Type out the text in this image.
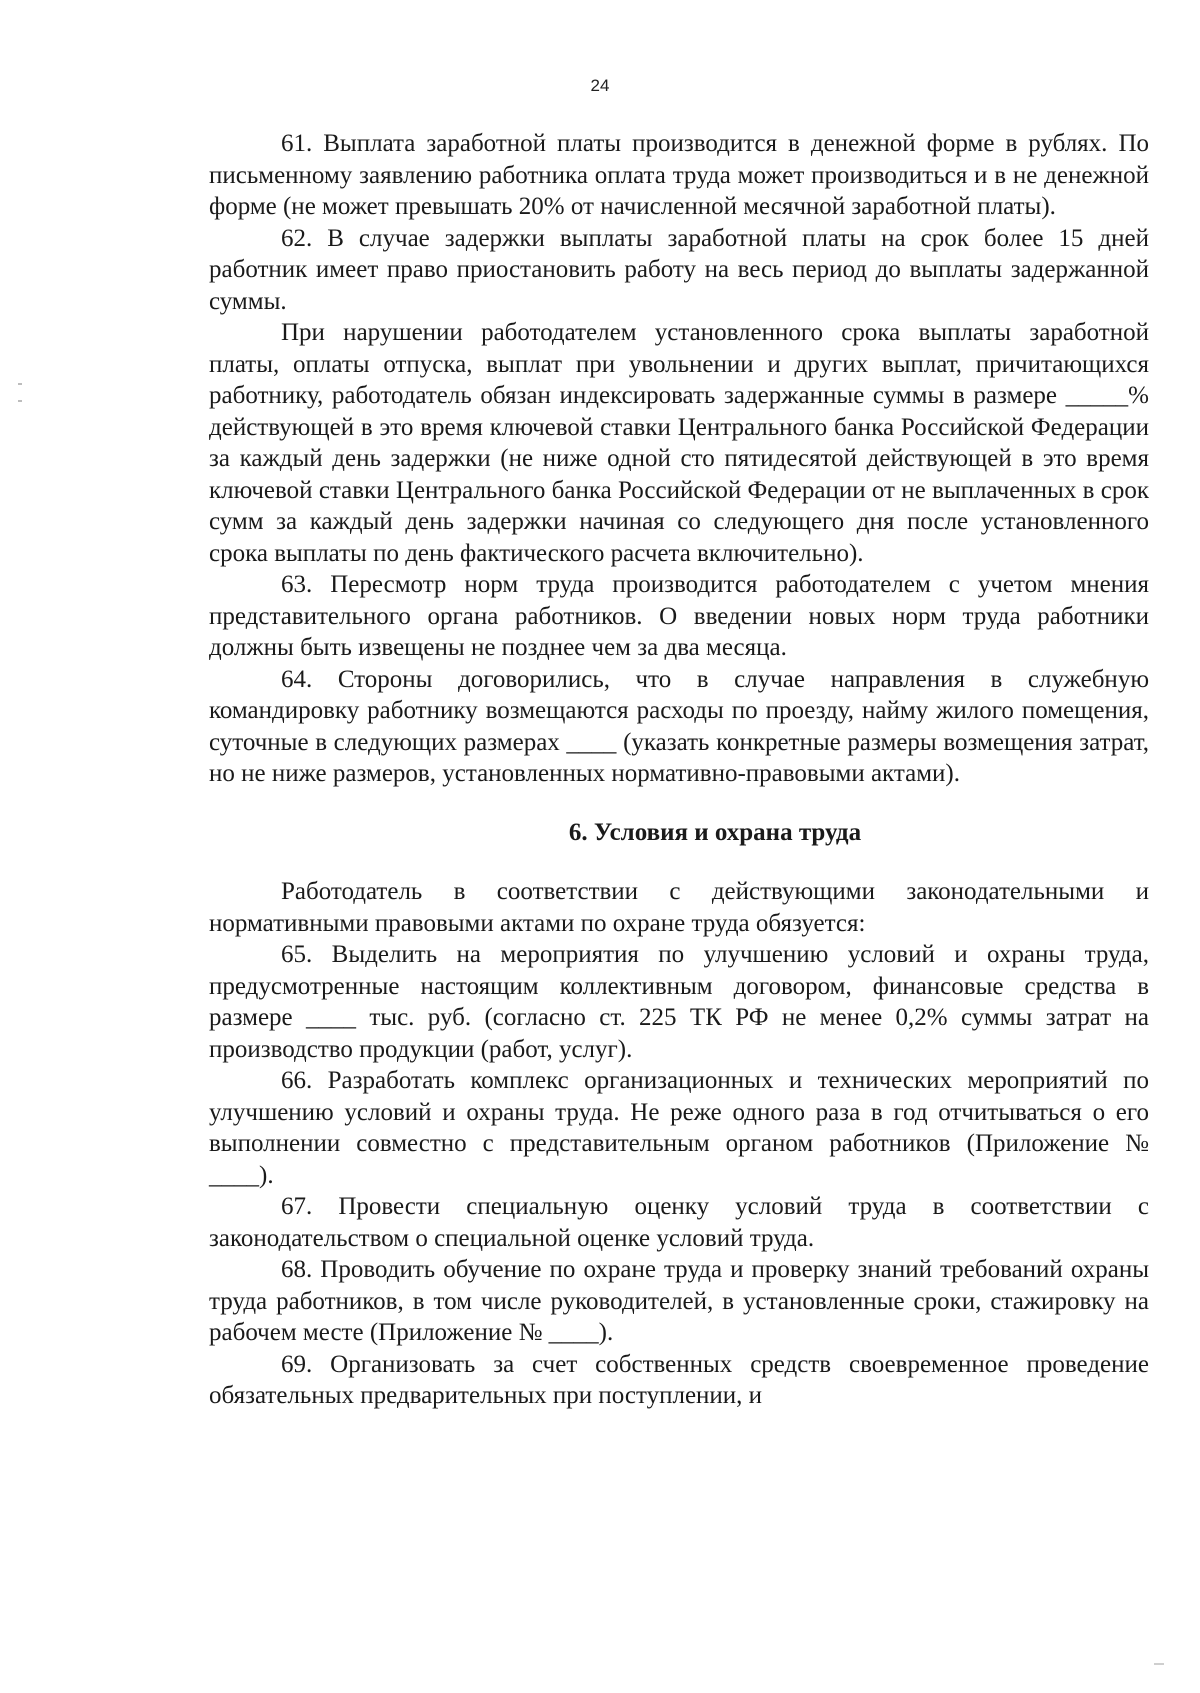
24

61. Выплата заработной платы производится в денежной форме в рублях. По письменному заявлению работника оплата труда может производиться и в не денежной форме (не может превышать 20% от начисленной месячной заработной платы).

62. В случае задержки выплаты заработной платы на срок более 15 дней работник имеет право приостановить работу на весь период до выплаты задержанной суммы.

При нарушении работодателем установленного срока выплаты заработной платы, оплаты отпуска, выплат при увольнении и других выплат, причитающихся работнику, работодатель обязан индексировать задержанные суммы в размере _____% действующей в это время ключевой ставки Центрального банка Российской Федерации за каждый день задержки (не ниже одной сто пятидесятой действующей в это время ключевой ставки Центрального банка Российской Федерации от не выплаченных в срок сумм за каждый день задержки начиная со следующего дня после установленного срока выплаты по день фактического расчета включительно).

63. Пересмотр норм труда производится работодателем с учетом мнения представительного органа работников. О введении новых норм труда работники должны быть извещены не позднее чем за два месяца.

64. Стороны договорились, что в случае направления в служебную командировку работнику возмещаются расходы по проезду, найму жилого помещения, суточные в следующих размерах ____ (указать конкретные размеры возмещения затрат, но не ниже размеров, установленных нормативно-правовыми актами).

6. Условия и охрана труда

Работодатель в соответствии с действующими законодательными и нормативными правовыми актами по охране труда обязуется:

65. Выделить на мероприятия по улучшению условий и охраны труда, предусмотренные настоящим коллективным договором, финансовые средства в размере ____ тыс. руб. (согласно ст. 225 ТК РФ не менее 0,2% суммы затрат на производство продукции (работ, услуг).

66. Разработать комплекс организационных и технических мероприятий по улучшению условий и охраны труда. Не реже одного раза в год отчитываться о его выполнении совместно с представительным органом работников (Приложение № ____).

67. Провести специальную оценку условий труда в соответствии с законодательством о специальной оценке условий труда.

68. Проводить обучение по охране труда и проверку знаний требований охраны труда работников, в том числе руководителей, в установленные сроки, стажировку на рабочем месте (Приложение № ____).

69. Организовать за счет собственных средств своевременное проведение обязательных предварительных при поступлении, и
